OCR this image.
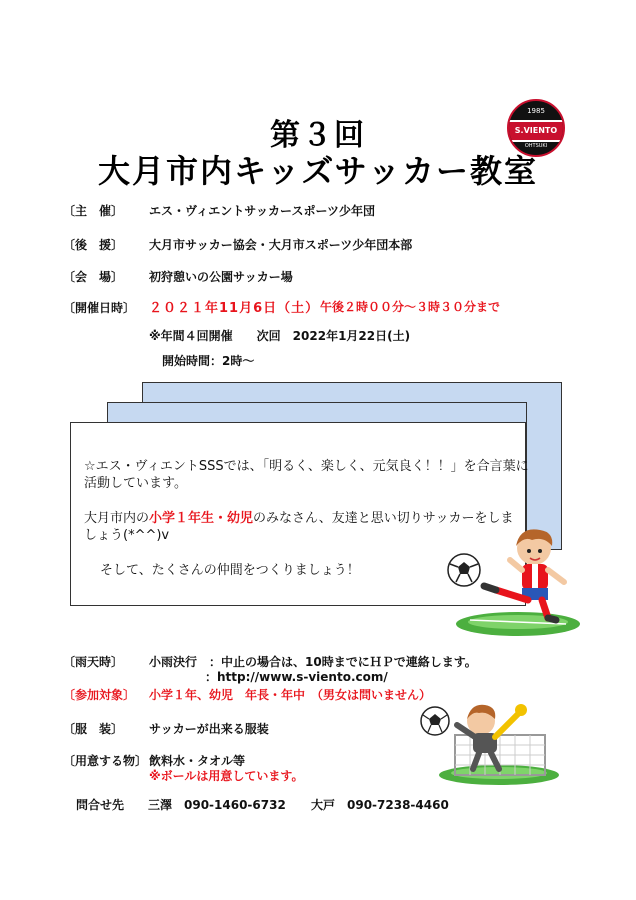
第３回
大月市内キッズサッカー教室
1985
S.VIENTO
OHTSUKI
〔主　催〕 エス・ヴィエントサッカースポーツ少年団
〔後　援〕 大月市サッカー協会・大月市スポーツ少年団本部
〔会　場〕 初狩憩いの公園サッカー場
〔開催日時〕 ２０２１年11月6日（土） 午後２時００分～３時３０分まで
※年間４回開催　　次回　2022年1月22日(土)
開始時間：2時～
☆エス・ヴィエントSSSでは、「明るく、楽しく、元気良く！！」を合言葉に
活動しています。
大月市内の小学１年生・幼児のみなさん、友達と思い切りサッカーをしま
しょう(*^^)v
そして、たくさんの仲間をつくりましょう！
〔雨天時〕 小雨決行　：中止の場合は、10時までにＨＰで連絡します。
：http://www.s-viento.com/
〔参加対象〕 小学１年、幼児　年長・年中　（男女は問いません）
〔服　装〕 サッカーが出来る服装
〔用意する物〕 飲料水・タオル等
※ボールは用意しています。
問合せ先 三澤　090-1460-6732 大戸　090-7238-4460
